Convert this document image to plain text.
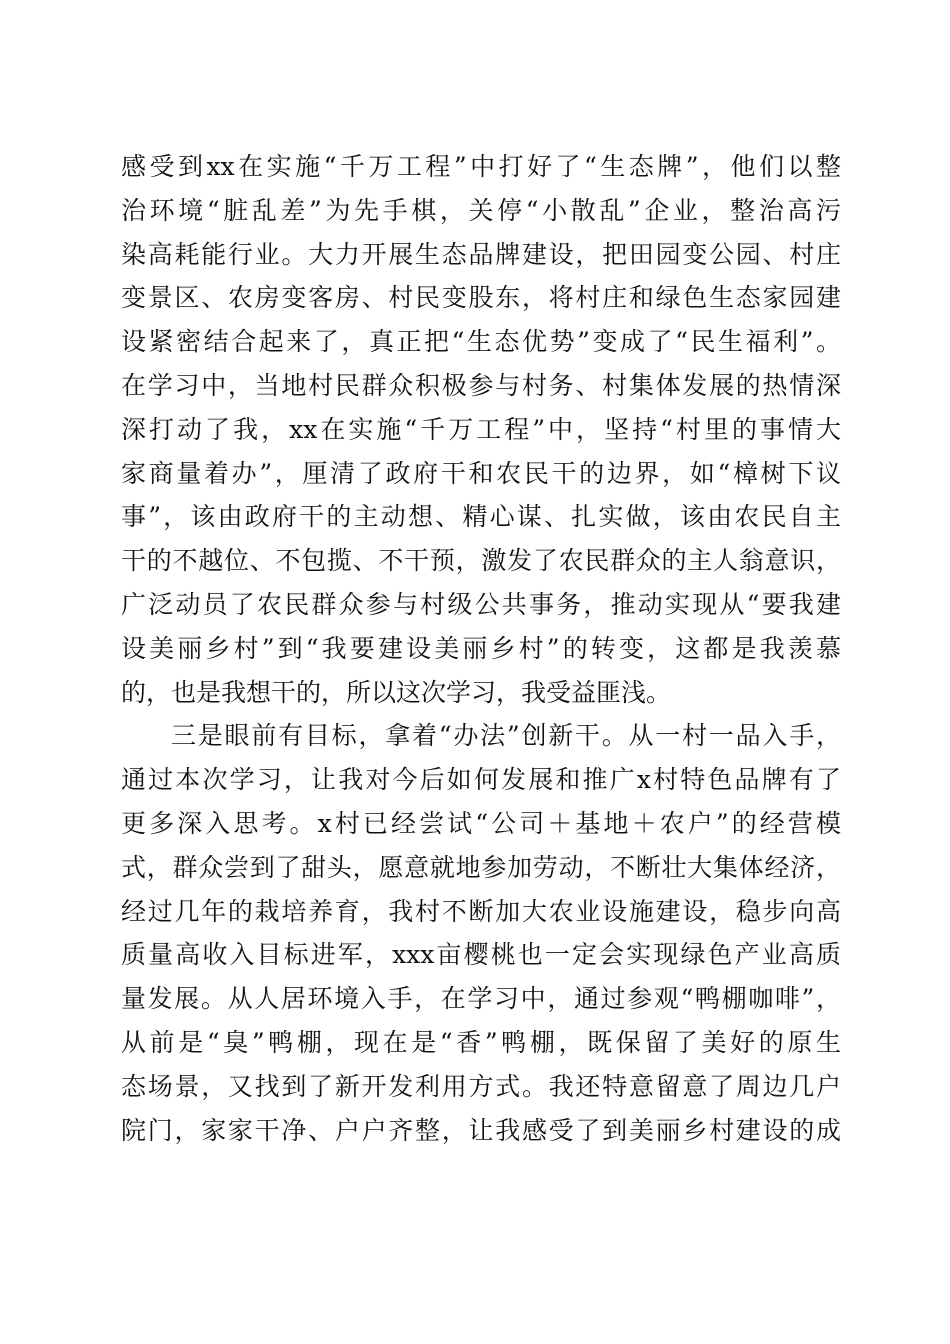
感受到xx在实施“千万工程”中打好了“生态牌”，他们以整
治环境“脏乱差”为先手棋，关停“小散乱”企业，整治高污
染高耗能行业。大力开展生态品牌建设，把田园变公园、村庄
变景区、农房变客房、村民变股东，将村庄和绿色生态家园建
设紧密结合起来了，真正把“生态优势”变成了“民生福利”。
在学习中，当地村民群众积极参与村务、村集体发展的热情深
深打动了我，xx在实施“千万工程”中，坚持“村里的事情大
家商量着办”，厘清了政府干和农民干的边界，如“樟树下议
事”，该由政府干的主动想、精心谋、扎实做，该由农民自主
干的不越位、不包揽、不干预，激发了农民群众的主人翁意识，
广泛动员了农民群众参与村级公共事务，推动实现从“要我建
设美丽乡村”到“我要建设美丽乡村”的转变，这都是我羡慕
的，也是我想干的，所以这次学习，我受益匪浅。
三是眼前有目标，拿着“办法”创新干。从一村一品入手，
通过本次学习，让我对今后如何发展和推广x村特色品牌有了
更多深入思考。x村已经尝试“公司＋基地＋农户”的经营模
式，群众尝到了甜头，愿意就地参加劳动，不断壮大集体经济，
经过几年的栽培养育，我村不断加大农业设施建设，稳步向高
质量高收入目标进军，xxx亩樱桃也一定会实现绿色产业高质
量发展。从人居环境入手，在学习中，通过参观“鸭棚咖啡”，
从前是“臭”鸭棚，现在是“香”鸭棚，既保留了美好的原生
态场景，又找到了新开发利用方式。我还特意留意了周边几户
院门，家家干净、户户齐整，让我感受了到美丽乡村建设的成
